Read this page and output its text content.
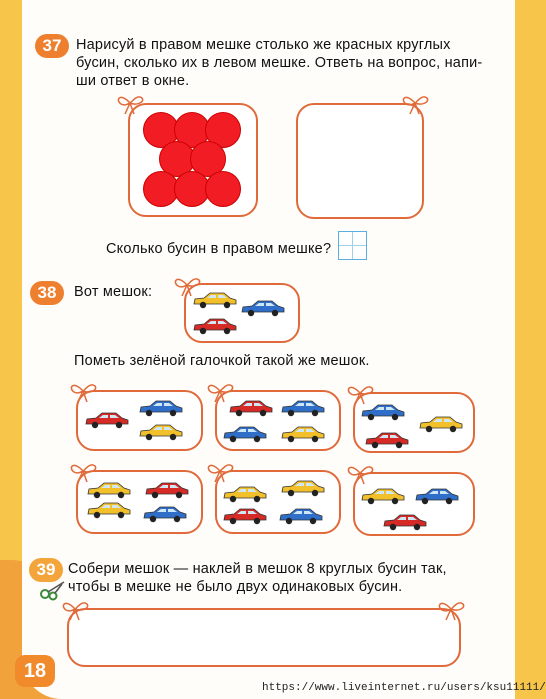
37	Нарисуй в правом мешке столько же красных круглых
бусин, сколько их в левом мешке. Ответь на вопрос, напи-
ши ответ в окне.
Сколько бусин в правом мешке?
38	Вот мешок:
Пометь зелёной галочкой такой же мешок.
39 Собери мешок — наклей в мешок 8 круглых бусин так,
чтобы в мешке не было двух одинаковых бусин.
18
https://www.liveinternet.ru/users/ksu11111/
